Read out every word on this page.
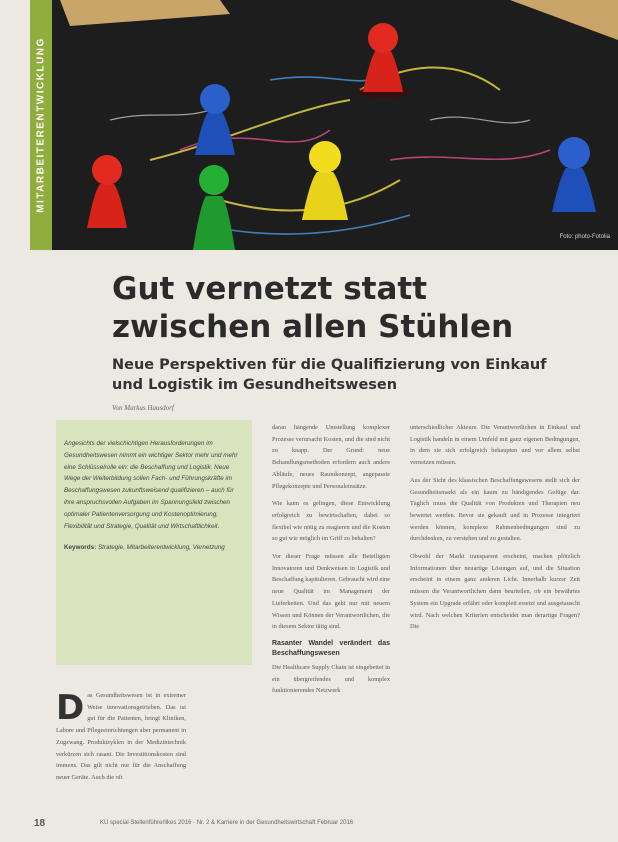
Foto: photo-Fotolia
MITARBEITERENTWICKLUNG
Gut vernetzt statt zwischen allen Stühlen
Neue Perspektiven für die Qualifizierung von Einkauf und Logistik im Gesundheitswesen
Von Markus Hausdorf

Angesichts der vielschichtigen Herausforderungen im Gesundheitswesen nimmt ein wichtiger Sektor mehr und mehr eine Schlüsselrolle ein: die Beschaffung und Logistik. Neue Wege der Weiterbildung sollen Fach- und Führungskräfte im Beschaffungswesen zukunftsweisend qualifizieren – auch für ihre anspruchsvollen Aufgaben im Spannungsfeld zwischen optimaler Patientenversorgung und Kostenoptimierung, Flexibilität und Strategie, Qualität und Wirtschaftlichkeit.

Keywords: Strategie, Mitarbeiterentwicklung, Vernetzung
D as Gesundheitswesen ist in extremer Weise innovationsgetrieben. Das ist gut für die Patienten, bringt Kliniken, Labore und Pflegeeinrichtungen aber permanent in Zugzwang. Produktzyklen in der Medizintechnik verkürzen sich rasant. Die Investitionskosten sind immens. Das gilt nicht nur für die Anschaffung neuer Geräte. Auch die oft

daran hängende Umstellung komplexer Prozesse verursacht Kosten, und die sind nicht zu knapp. Der Grund: neue Behandlungsmethoden erfordern auch andere Abläufe, neues Raumkonzept, angepasste Pflegekonzepte und Personaleinsätze.

Wie kann es gelingen, diese Entwicklung erfolgreich zu bewirtschaften, dabei so flexibel wie nötig zu reagieren und die Kosten so gut wie möglich im Griff zu behalten?

Vor dieser Frage müssen alle Beteiligten Innovatoren und Denkweisen in Logistik und Beschaffung kapitulieren. Gebraucht wird eine neue Qualität im Management der Lieferketten. Und das geht nur mit neuem Wissen und Können der Verantwortlichen, die in diesem Sektor tätig sind.

Rasanter Wandel verändert das Beschaffungswesen

Die Healthcare Supply Chain ist eingebettet in ein übergreifendes und komplex funktionierendes Netzwerk

unterschiedlicher Akteure. Die Verantwortlichen in Einkauf und Logistik handeln in einem Umfeld mit ganz eigenen Bedingungen, in dem sie sich erfolgreich behaupten und vor allem selbst vernetzen müssen.

Aus der Sicht des klassischen Beschaffungswesens stellt sich der Gesundheitsmarkt als ein kaum zu bändigendes Gefüge dar. Täglich muss die Qualität von Produkten und Therapien neu bewertet werden. Bevor sie gekauft und in Prozesse integriert werden können, komplexe Rahmenbedingungen sind zu durchdenken, zu verstehen und zu gestalten.

Obwohl der Markt transparent erscheint, machen plötzlich Informationen über neuartige Lösungen auf, und die Situation erscheint in einem ganz anderen Licht. Innerhalb kurzer Zeit müssen die Verantwortlichen dann beurteilen, ob ein bewährtes System ein Upgrade erfährt oder komplett ersetzt und ausgetauscht wird. Nach welchen Kriterien entscheidet man derartige Fragen? Die

18	KU special Stellenführerlikes 2016 · Nr. 2 & Karriere in der Gesundheitswirtschaft Februar 2016
